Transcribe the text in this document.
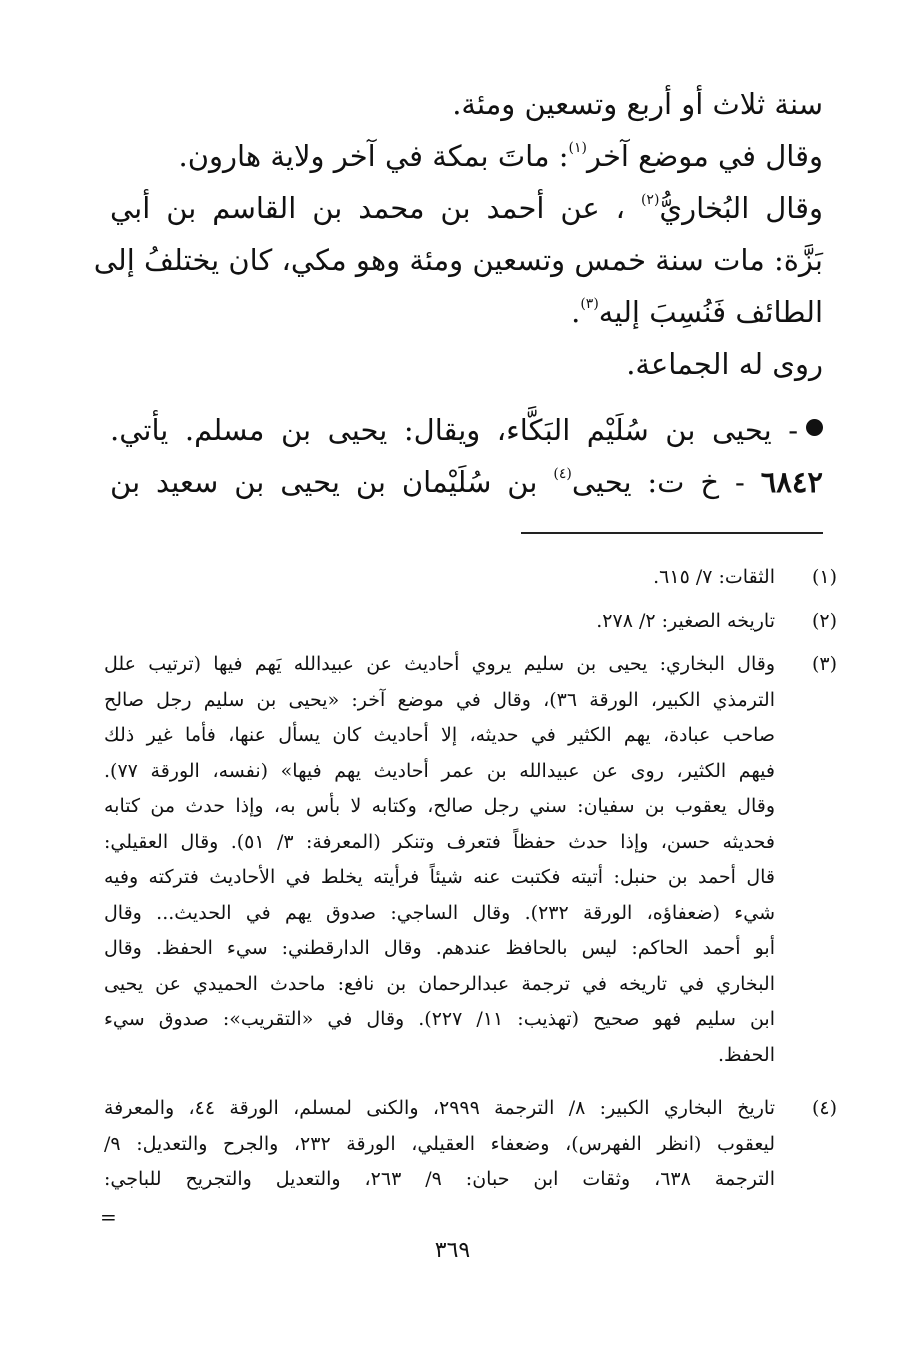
سنة ثلاث أو أربع وتسعين ومئة.
وقال في موضع آخر$^{(١)}$: ماتَ بمكة في آخر ولاية هارون.
وقال البُخاريُّ$^{(٢)}$ ، عن أحمد بن محمد بن القاسم بن أبي
بَزَّة: مات سنة خمس وتسعين ومئة وهو مكي، كان يختلفُ إلى
الطائف فَنُسِبَ إليه$^{(٣)}$.
روى له الجماعة.
- يحيى بن سُلَيْم البَكَّاء، ويقال: يحيى بن مسلم. يأتي.
٦٨٤٢ - خ ت: يحيى$^{(٤)}$ بن سُلَيْمان بن يحيى بن سعيد بن
(١)
الثقات: ٧/ ٦١٥.
(٢)
تاريخه الصغير: ٢/ ٢٧٨.
(٣)
وقال البخاري: يحيى بن سليم يروي أحاديث عن عبيدالله يَهم فيها (ترتيب علل
الترمذي الكبير، الورقة ٣٦)، وقال في موضع آخر: «يحيى بن سليم رجل صالح
صاحب عبادة، يهم الكثير في حديثه، إلا أحاديث كان يسأل عنها، فأما غير ذلك
فيهم الكثير، روى عن عبيدالله بن عمر أحاديث يهم فيها» (نفسه، الورقة ٧٧).
وقال يعقوب بن سفيان: سني رجل صالح، وكتابه لا بأس به، وإذا حدث من كتابه
فحديثه حسن، وإذا حدث حفظاً فتعرف وتنكر (المعرفة: ٣/ ٥١). وقال العقيلي:
قال أحمد بن حنبل: أتيته فكتبت عنه شيئاً فرأيته يخلط في الأحاديث فتركته وفيه
شيء (ضعفاؤه، الورقة ٢٣٢). وقال الساجي: صدوق يهم في الحديث... وقال
أبو أحمد الحاكم: ليس بالحافظ عندهم. وقال الدارقطني: سيء الحفظ. وقال
البخاري في تاريخه في ترجمة عبدالرحمان بن نافع: ماحدث الحميدي عن يحيى
ابن سليم فهو صحيح (تهذيب: ١١/ ٢٢٧). وقال في «التقريب»: صدوق سيء
الحفظ.
(٤)
تاريخ البخاري الكبير: ٨/ الترجمة ٢٩٩٩، والكنى لمسلم، الورقة ٤٤، والمعرفة
ليعقوب (انظر الفهرس)، وضعفاء العقيلي، الورقة ٢٣٢، والجرح والتعديل: ٩/
الترجمة ٦٣٨، وثقات ابن حبان: ٩/ ٢٦٣، والتعديل والتجريح للباجي:
=
٣٦٩
